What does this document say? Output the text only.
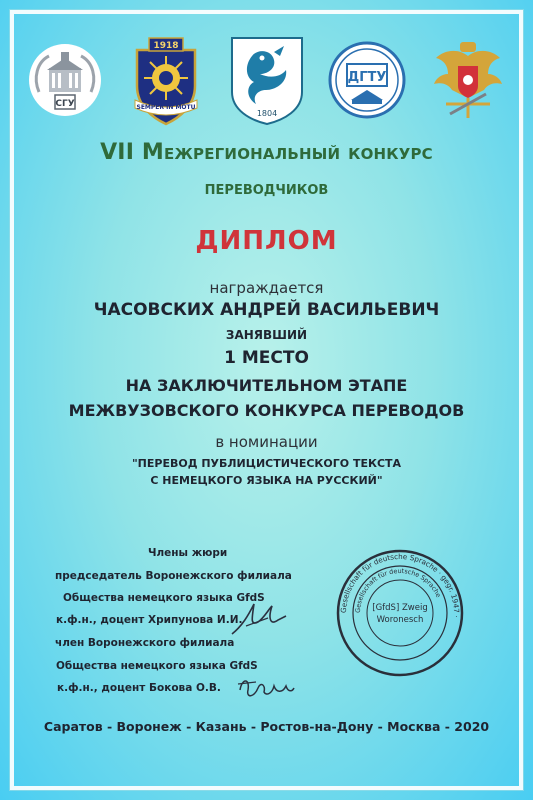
СГУ
1918
SEMPER IN MOTU
1804
ДГТУ
VII Межрегиональный конкурс
переводчиков
ДИПЛОМ
награждается
ЧАСОВСКИХ АНДРЕЙ ВАСИЛЬЕВИЧ
ЗАНЯВШИЙ
1 МЕСТО
НА ЗАКЛЮЧИТЕЛЬНОМ ЭТАПЕ
МЕЖВУЗОВСКОГО КОНКУРСА ПЕРЕВОДОВ
в номинации
"ПЕРЕВОД ПУБЛИЦИСТИЧЕСКОГО ТЕКСТА
С НЕМЕЦКОГО ЯЗЫКА НА РУССКИЙ"
Члены жюри
председатель Воронежского филиала
Общества немецкого языка GfdS
к.ф.н., доцент Хрипунова И.И.
член Воронежского филиала
Общества немецкого языка GfdS
к.ф.н., доцент Бокова О.В.
Gesellschaft für deutsche Sprache · gegr. 1947 ·
Gesellschaft für deutsche Sprache
[GfdS] Zweig
Woronesch
Саратов - Воронеж - Казань - Ростов-на-Дону - Москва - 2020
